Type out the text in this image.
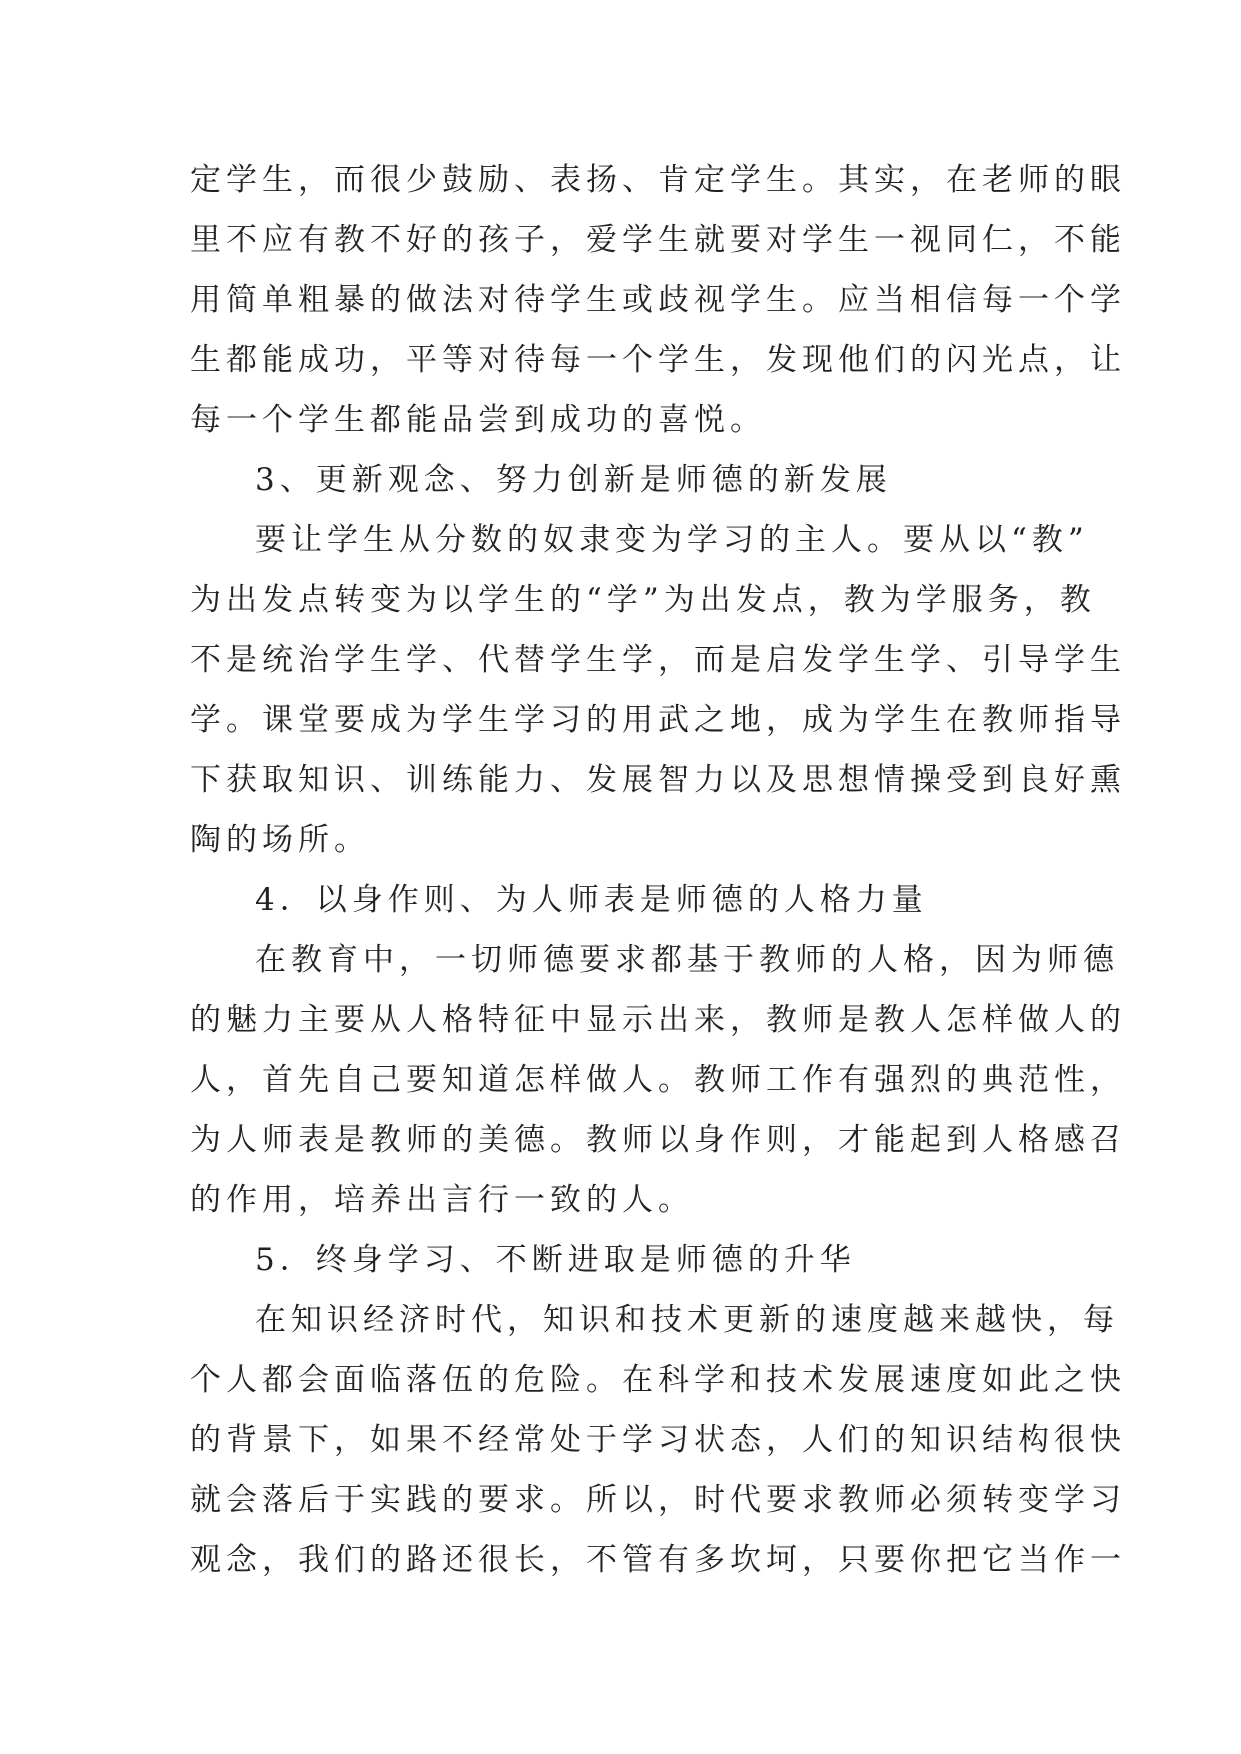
定学生，而很少鼓励、表扬、肯定学生。其实，在老师的眼
里不应有教不好的孩子，爱学生就要对学生一视同仁，不能
用简单粗暴的做法对待学生或歧视学生。应当相信每一个学
生都能成功，平等对待每一个学生，发现他们的闪光点，让
每一个学生都能品尝到成功的喜悦。
3、更新观念、努力创新是师德的新发展
要让学生从分数的奴隶变为学习的主人。要从以“教”
为出发点转变为以学生的“学”为出发点，教为学服务，教
不是统治学生学、代替学生学，而是启发学生学、引导学生
学。课堂要成为学生学习的用武之地，成为学生在教师指导
下获取知识、训练能力、发展智力以及思想情操受到良好熏
陶的场所。
4．以身作则、为人师表是师德的人格力量
在教育中，一切师德要求都基于教师的人格，因为师德
的魅力主要从人格特征中显示出来，教师是教人怎样做人的
人，首先自己要知道怎样做人。教师工作有强烈的典范性，
为人师表是教师的美德。教师以身作则，才能起到人格感召
的作用，培养出言行一致的人。
5．终身学习、不断进取是师德的升华
在知识经济时代，知识和技术更新的速度越来越快，每
个人都会面临落伍的危险。在科学和技术发展速度如此之快
的背景下，如果不经常处于学习状态，人们的知识结构很快
就会落后于实践的要求。所以，时代要求教师必须转变学习
观念，我们的路还很长，不管有多坎坷，只要你把它当作一
